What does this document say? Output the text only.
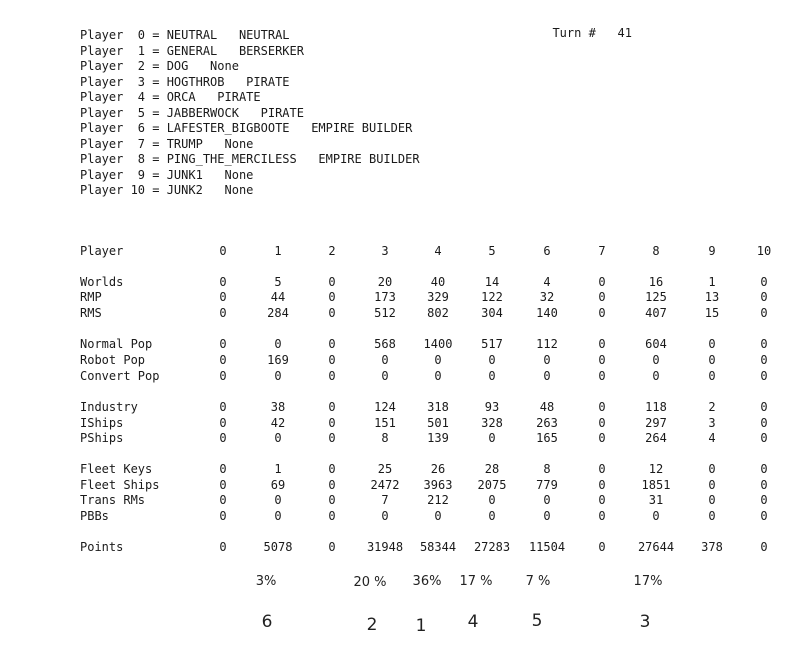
Turn # 41

Player  0 = NEUTRAL   NEUTRAL
Player  1 = GENERAL   BERSERKER
Player  2 = DOG   None
Player  3 = HOGTHROB   PIRATE
Player  4 = ORCA   PIRATE
Player  5 = JABBERWOCK   PIRATE
Player  6 = LAFESTER_BIGBOOTE   EMPIRE BUILDER
Player  7 = TRUMP   None
Player  8 = PING_THE_MERCILESS   EMPIRE BUILDER
Player  9 = JUNK1   None
Player 10 = JUNK2   None
Player	0	1	2	3	4	5	6	7	8	9	10
Worlds	0	5	0	20	40	14	4	0	16	1	0
RMP	0	44	0	173	329	122	32	0	125	13	0
RMS	0	284	0	512	802	304	140	0	407	15	0
Normal Pop	0	0	0	568	1400	517	112	0	604	0	0
Robot Pop	0	169	0	0	0	0	0	0	0	0	0
Convert Pop	0	0	0	0	0	0	0	0	0	0	0
Industry	0	38	0	124	318	93	48	0	118	2	0
IShips	0	42	0	151	501	328	263	0	297	3	0
PShips	0	0	0	8	139	0	165	0	264	4	0
Fleet Keys	0	1	0	25	26	28	8	0	12	0	0
Fleet Ships	0	69	0	2472	3963	2075	779	0	1851	0	0
Trans RMs	0	0	0	7	212	0	0	0	31	0	0
PBBs	0	0	0	0	0	0	0	0	0	0	0
Points	0	5078	0	31948	58344	27283	11504	0	27644	378	0
3%	20 %	36%	17 %	7 %	17%
6	2	1	4	5	3
